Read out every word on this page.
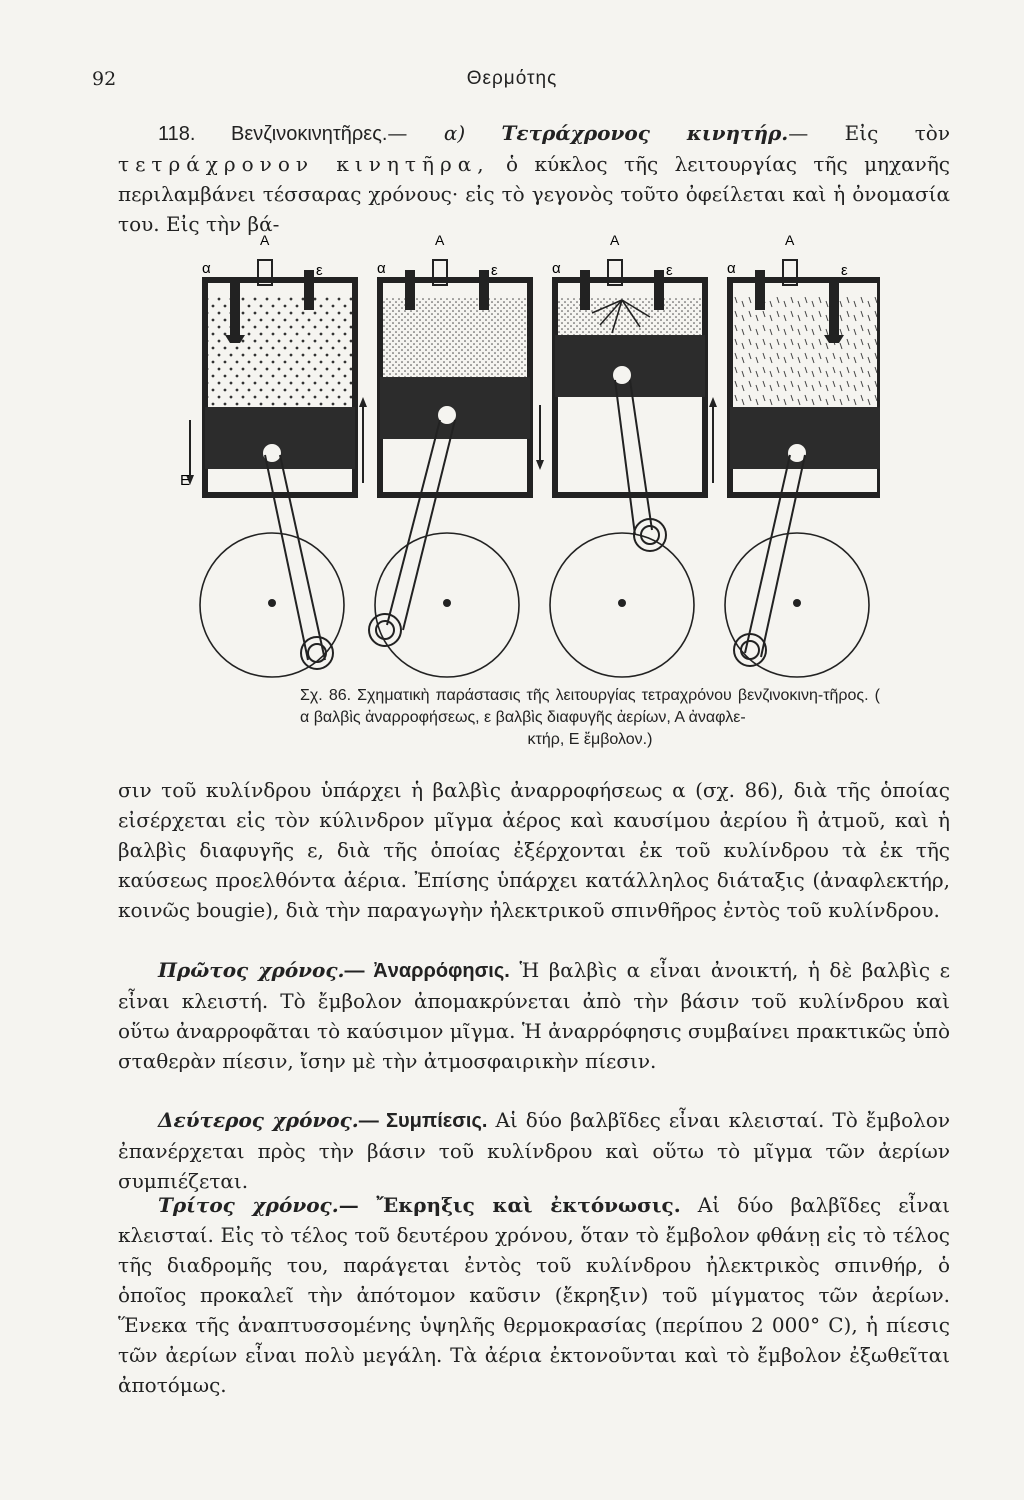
92	Θερμότης

118. Βενζινοκινητῆρες.— α) Τετράχρονος κινητήρ.— Εἰς τὸν τετράχρονον κινητῆρα, ὁ κύκλος τῆς λειτουργίας τῆς μηχανῆς περιλαμβάνει τέσσαρας χρόνους· εἰς τὸ γεγονὸς τοῦτο ὀφείλεται καὶ ἡ ὀνομασία του. Εἰς τὴν βά-

α	ε
Α
Ε
α	ε
Α
α	ε
Α
α	ε
Α
Σχ. 86. Σχηματικὴ παράστασις τῆς λειτουργίας τετραχρόνου βενζινοκινη-τῆρος. ( α βαλβὶς ἀναρροφήσεως, ε βαλβὶς διαφυγῆς ἀερίων, Α ἀναφλε-
κτήρ, Ε ἔμβολον.)

σιν τοῦ κυλίνδρου ὑπάρχει ἡ βαλβὶς ἀναρροφήσεως α (σχ. 86), διὰ τῆς ὁποίας εἰσέρχεται εἰς τὸν κύλινδρον μῖγμα ἀέρος καὶ καυσίμου ἀερίου ἢ ἀτμοῦ, καὶ ἡ βαλβὶς διαφυγῆς ε, διὰ τῆς ὁποίας ἐξέρχονται ἐκ τοῦ κυλίνδρου τὰ ἐκ τῆς καύσεως προελθόντα ἀέρια. Ἐπίσης ὑπάρχει κατάλληλος διάταξις (ἀναφλεκτήρ, κοινῶς bougie), διὰ τὴν παραγωγὴν ἠλεκτρικοῦ σπινθῆρος ἐντὸς τοῦ κυλίνδρου.

Πρῶτος χρόνος.— Ἀναρρόφησις. Ἡ βαλβὶς α εἶναι ἀνοικτή, ἡ δὲ βαλβὶς ε εἶναι κλειστή. Τὸ ἔμβολον ἀπομακρύνεται ἀπὸ τὴν βάσιν τοῦ κυλίνδρου καὶ οὕτω ἀναρροφᾶται τὸ καύσιμον μῖγμα. Ἡ ἀναρρόφησις συμβαίνει πρακτικῶς ὑπὸ σταθερὰν πίεσιν, ἴσην μὲ τὴν ἀτμοσφαιρικὴν πίεσιν.

Δεύτερος χρόνος.— Συμπίεσις. Αἱ δύο βαλβῖδες εἶναι κλεισταί. Τὸ ἔμβολον ἐπανέρχεται πρὸς τὴν βάσιν τοῦ κυλίνδρου καὶ οὕτω τὸ μῖγμα τῶν ἀερίων συμπιέζεται.

Τρίτος χρόνος.— Ἔκρηξις καὶ ἐκτόνωσις. Αἱ δύο βαλβῖδες εἶναι κλεισταί. Εἰς τὸ τέλος τοῦ δευτέρου χρόνου, ὅταν τὸ ἔμβολον φθάνῃ εἰς τὸ τέλος τῆς διαδρομῆς του, παράγεται ἐντὸς τοῦ κυλίνδρου ἠλεκτρικὸς σπινθήρ, ὁ ὁποῖος προκαλεῖ τὴν ἀπότομον καῦσιν (ἔκρηξιν) τοῦ μίγματος τῶν ἀερίων. Ἕνεκα τῆς ἀναπτυσσομένης ὑψηλῆς θερμοκρασίας (περίπου 2 000° C), ἡ πίεσις τῶν ἀερίων εἶναι πολὺ μεγάλη. Τὰ ἀέρια ἐκτονοῦνται καὶ τὸ ἔμβολον ἐξωθεῖται ἀποτόμως.
